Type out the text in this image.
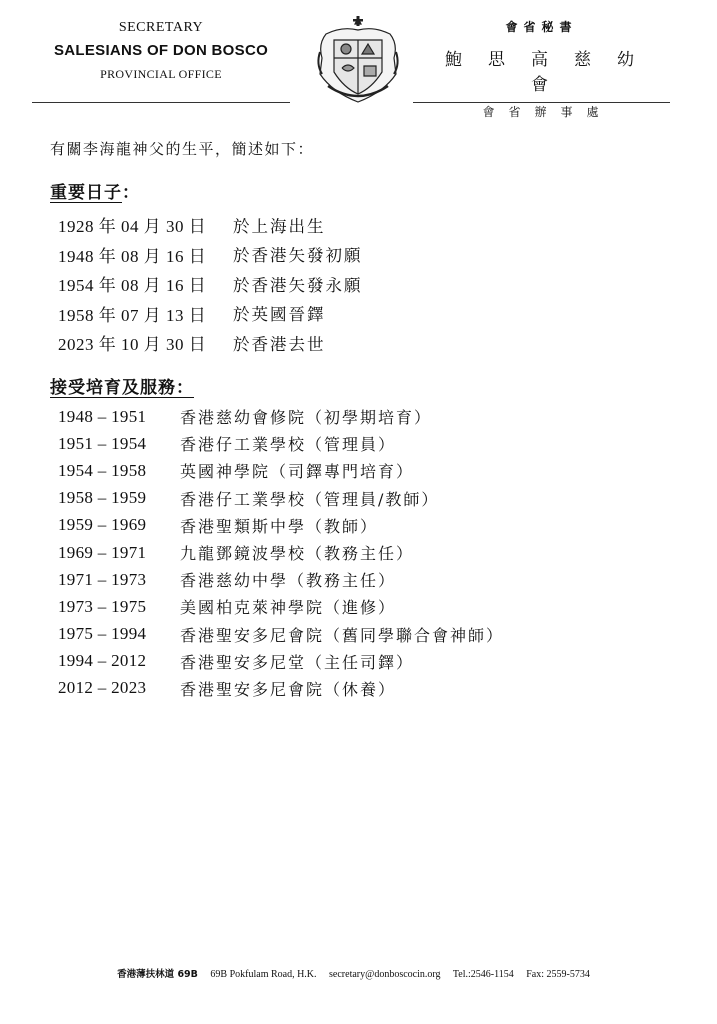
SECRETARY
SALESIANS OF DON BOSCO
PROVINCIAL OFFICE
會省秘書
鮑思高慈幼會
會省辦事處
有關李海龍神父的生平，簡述如下：
重要日子：
1928 年 04 月 30 日	於上海出生
1948 年 08 月 16 日	於香港矢發初願
1954 年 08 月 16 日	於香港矢發永願
1958 年 07 月 13 日	於英國晉鐸
2023 年 10 月 30 日	於香港去世
接受培育及服務：
1948 – 1951	香港慈幼會修院（初學期培育）
1951 – 1954	香港仔工業學校（管理員）
1954 – 1958	英國神學院（司鐸專門培育）
1958 – 1959	香港仔工業學校（管理員/教師）
1959 – 1969	香港聖類斯中學（教師）
1969 – 1971	九龍鄧鏡波學校（教務主任）
1971 – 1973	香港慈幼中學（教務主任）
1973 – 1975	美國柏克萊神學院（進修）
1975 – 1994	香港聖安多尼會院（舊同學聯合會神師）
1994 – 2012	香港聖安多尼堂（主任司鐸）
2012 – 2023	香港聖安多尼會院（休養）
香港薄扶林道 69B 69B Pokfulam Road, H.K. secretary@donboscocin.org Tel.:2546-1154 Fax: 2559-5734
